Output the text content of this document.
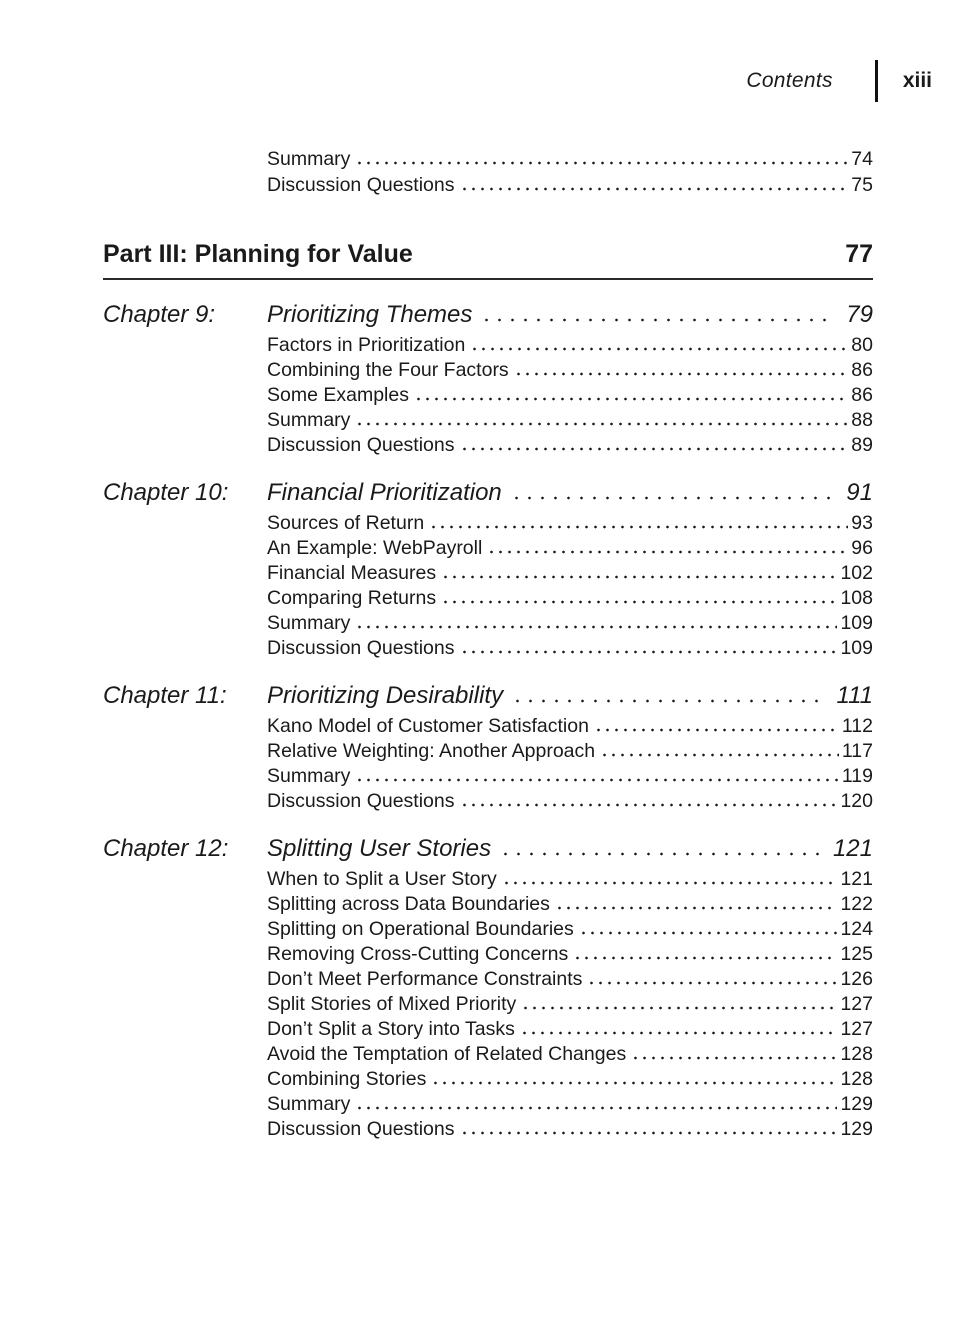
Contents	xiii
Summary	74
Discussion Questions	75
Part III: Planning for Value	77
Chapter 9:	Prioritizing Themes	79
Factors in Prioritization	80
Combining the Four Factors	86
Some Examples	86
Summary	88
Discussion Questions	89
Chapter 10:	Financial Prioritization	91
Sources of Return	93
An Example: WebPayroll	96
Financial Measures	102
Comparing Returns	108
Summary	109
Discussion Questions	109
Chapter 11:	Prioritizing Desirability	111
Kano Model of Customer Satisfaction	112
Relative Weighting: Another Approach	117
Summary	119
Discussion Questions	120
Chapter 12:	Splitting User Stories	121
When to Split a User Story	121
Splitting across Data Boundaries	122
Splitting on Operational Boundaries	124
Removing Cross-Cutting Concerns	125
Don’t Meet Performance Constraints	126
Split Stories of Mixed Priority	127
Don’t Split a Story into Tasks	127
Avoid the Temptation of Related Changes	128
Combining Stories	128
Summary	129
Discussion Questions	129
